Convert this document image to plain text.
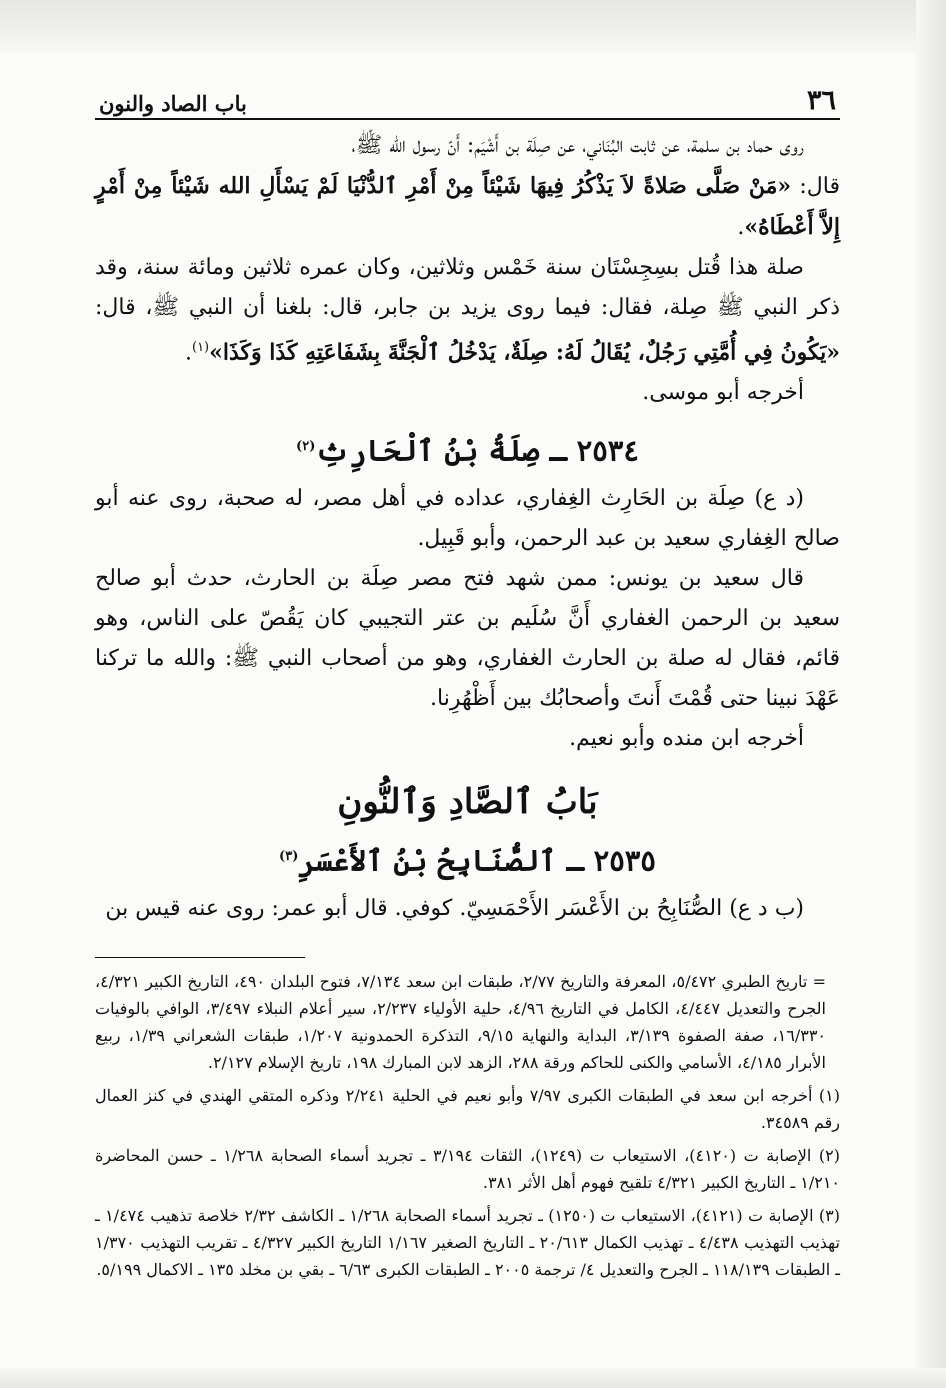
٣٦
باب الصاد والنون

روى حماد بن سلمة، عن ثابت البُنَاني، عن صِلَة بن أَشْيَم: أَنّ رسول الله ﷺ،

قال: «مَنْ صَلَّى صَلاةً لاَ يَذْكُرُ فِيهَا شَيْئاً مِنْ أَمْرِ ٱلدُّنْيَا لَمْ يَسْأَلِ الله شَيْئاً مِنْ أَمْرٍ إِلاَّ أَعْطَاهُ».

صلة هذا قُتل بسِجِسْتَان سنة خَمْس وثلاثين، وكان عمره ثلاثين ومائة سنة، وقد ذكر النبي ﷺ صِلة، فقال: فيما روى يزيد بن جابر، قال: بلغنا أن النبي ﷺ، قال: «يَكُونُ فِي أُمَّتِي رَجُلٌ، يُقَالُ لَهُ: صِلَةٌ، يَدْخُلُ ٱلْجَنَّةَ بِشَفَاعَتِهِ كَذَا وَكَذَا»$^{(١)}$.

أخرجه أبو موسى.

٢٥٣٤ ـ صِلَةُ بْنُ ٱلْحَارِثِ$^{(٢)}$

(د ع) صِلَة بن الحَارِث الغِفاري، عداده في أهل مصر، له صحبة، روى عنه أبو صالح الغِفاري سعيد بن عبد الرحمن، وأبو قَبِيل.

قال سعيد بن يونس: ممن شهد فتح مصر صِلَة بن الحارث، حدث أبو صالح سعيد بن الرحمن الغفاري أَنَّ سُلَيم بن عتر التجيبي كان يَقُصّ على الناس، وهو قائم، فقال له صلة بن الحارث الغفاري، وهو من أصحاب النبي ﷺ: والله ما تركنا عَهْدَ نبينا حتى قُمْتَ أَنتَ وأصحابُك بين أَظْهُرِنا.

أخرجه ابن منده وأبو نعيم.

بَابُ ٱلصَّادِ وَٱلنُّونِ
٢٥٣٥ ـ ٱلصُّنَابِحُ بْنُ ٱلأَعْسَرِ$^{(٣)}$

(ب د ع) الصُّنَابِحُ بن الأَعْسَر الأَحْمَسِيّ. كوفي. قال أبو عمر: روى عنه قيس بن

= تاريخ الطبري ٥/٤٧٢، المعرفة والتاريخ ٢/٧٧، طبقات ابن سعد ٧/١٣٤، فتوح البلدان ٤٩٠، التاريخ الكبير ٤/٣٢١، الجرح والتعديل ٤/٤٤٧، الكامل في التاريخ ٤/٩٦، حلية الأولياء ٢/٢٣٧، سير أعلام النبلاء ٣/٤٩٧، الوافي بالوفيات ١٦/٣٣٠، صفة الصفوة ٣/١٣٩، البداية والنهاية ٩/١٥، التذكرة الحمدونية ١/٢٠٧، طبقات الشعراني ١/٣٩، ربيع الأبرار ٤/١٨٥، الأسامي والكنى للحاكم ورقة ٢٨٨، الزهد لابن المبارك ١٩٨، تاريخ الإسلام ٢/١٢٧.

(١) أخرجه ابن سعد في الطبقات الكبرى ٧/٩٧ وأبو نعيم في الحلية ٢/٢٤١ وذكره المتقي الهندي في كنز العمال رقم ٣٤٥٨٩.

(٢) الإصابة ت (٤١٢٠)، الاستيعاب ت (١٢٤٩)، الثقات ٣/١٩٤ ـ تجريد أسماء الصحابة ١/٢٦٨ ـ حسن المحاضرة ١/٢١٠ ـ التاريخ الكبير ٤/٣٢١ تلقيح فهوم أهل الأثر ٣٨١.

(٣) الإصابة ت (٤١٢١)، الاستيعاب ت (١٢٥٠) ـ تجريد أسماء الصحابة ١/٢٦٨ ـ الكاشف ٢/٣٢ خلاصة تذهيب ١/٤٧٤ ـ تهذيب التهذيب ٤/٤٣٨ ـ تهذيب الكمال ٢٠/٦١٣ ـ التاريخ الصغير ١/١٦٧ التاريخ الكبير ٤/٣٢٧ ـ تقريب التهذيب ١/٣٧٠ ـ الطبقات ١١٨/١٣٩ ـ الجرح والتعديل ٤/ ترجمة ٢٠٠٥ ـ الطبقات الكبرى ٦/٦٣ ـ بقي بن مخلد ١٣٥ ـ الاكمال ٥/١٩٩.
